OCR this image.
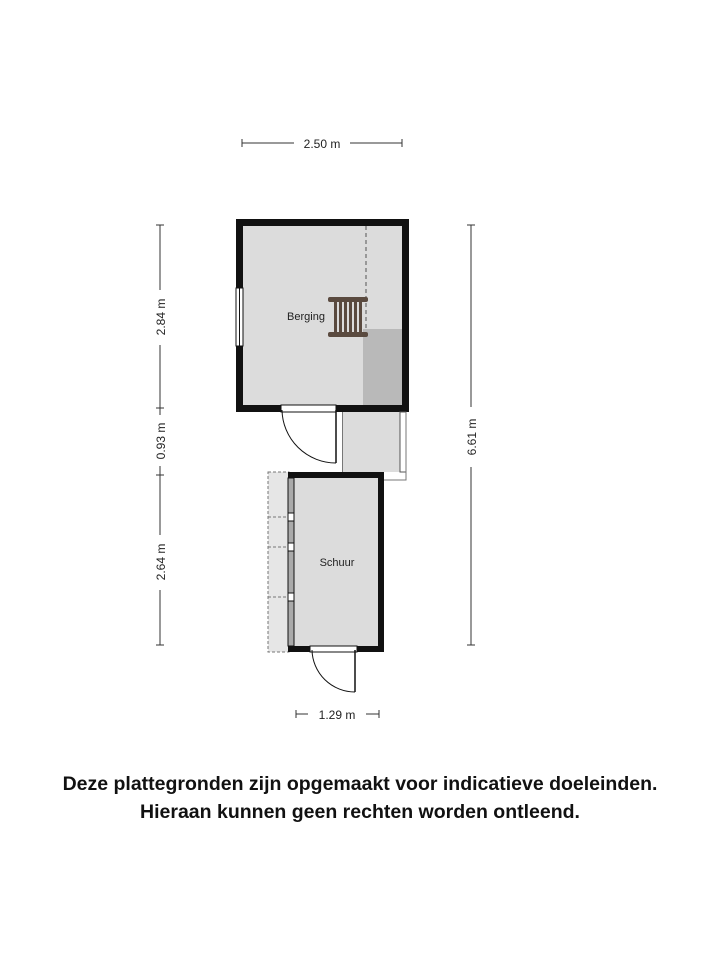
2.50 m
2.84 m
0.93 m
2.64 m
6.61 m
1.29 m
Berging
Schuur
Deze plattegronden zijn opgemaakt voor indicatieve doeleinden.
Hieraan kunnen geen rechten worden ontleend.
